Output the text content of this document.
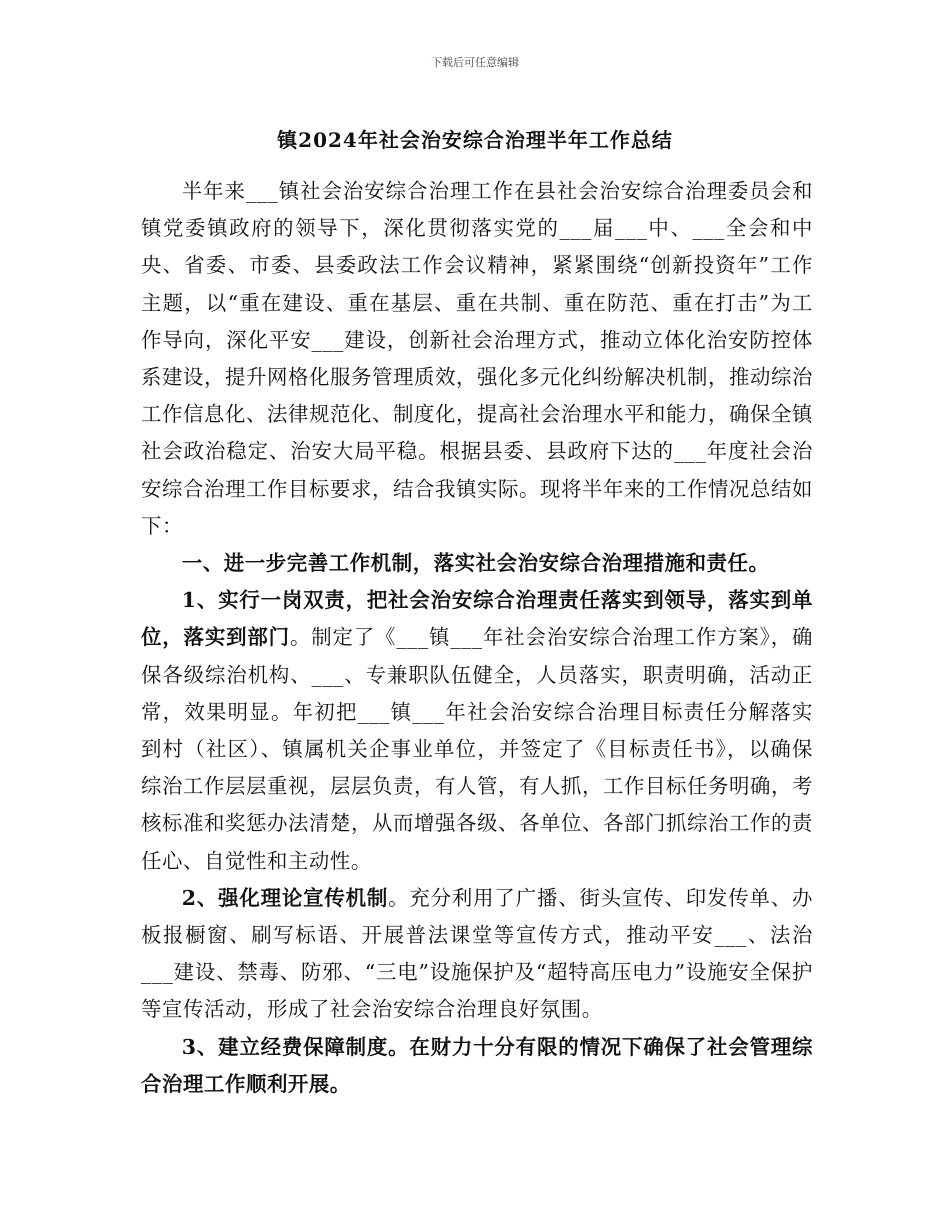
下载后可任意编辑
镇2024年社会治安综合治理半年工作总结

半年来___镇社会治安综合治理工作在县社会治安综合治理委员会和镇党委镇政府的领导下，深化贯彻落实党的___届___中、___全会和中央、省委、市委、县委政法工作会议精神，紧紧围绕“创新投资年”工作主题，以“重在建设、重在基层、重在共制、重在防范、重在打击”为工作导向，深化平安___建设，创新社会治理方式，推动立体化治安防控体系建设，提升网格化服务管理质效，强化多元化纠纷解决机制，推动综治工作信息化、法律规范化、制度化，提高社会治理水平和能力，确保全镇社会政治稳定、治安大局平稳。根据县委、县政府下达的___年度社会治安综合治理工作目标要求，结合我镇实际。现将半年来的工作情况总结如下：

一、进一步完善工作机制，落实社会治安综合治理措施和责任。

1、实行一岗双责，把社会治安综合治理责任落实到领导，落实到单位，落实到部门。制定了《___镇___年社会治安综合治理工作方案》，确保各级综治机构、___、专兼职队伍健全，人员落实，职责明确，活动正常，效果明显。年初把___镇___年社会治安综合治理目标责任分解落实到村（社区）、镇属机关企事业单位，并签定了《目标责任书》，以确保综治工作层层重视，层层负责，有人管，有人抓，工作目标任务明确，考核标准和奖惩办法清楚，从而增强各级、各单位、各部门抓综治工作的责任心、自觉性和主动性。

2、强化理论宣传机制。充分利用了广播、街头宣传、印发传单、办板报橱窗、刷写标语、开展普法课堂等宣传方式，推动平安___、法治___建设、禁毒、防邪、“三电”设施保护及“超特高压电力”设施安全保护等宣传活动，形成了社会治安综合治理良好氛围。

3、建立经费保障制度。在财力十分有限的情况下确保了社会管理综合治理工作顺利开展。
